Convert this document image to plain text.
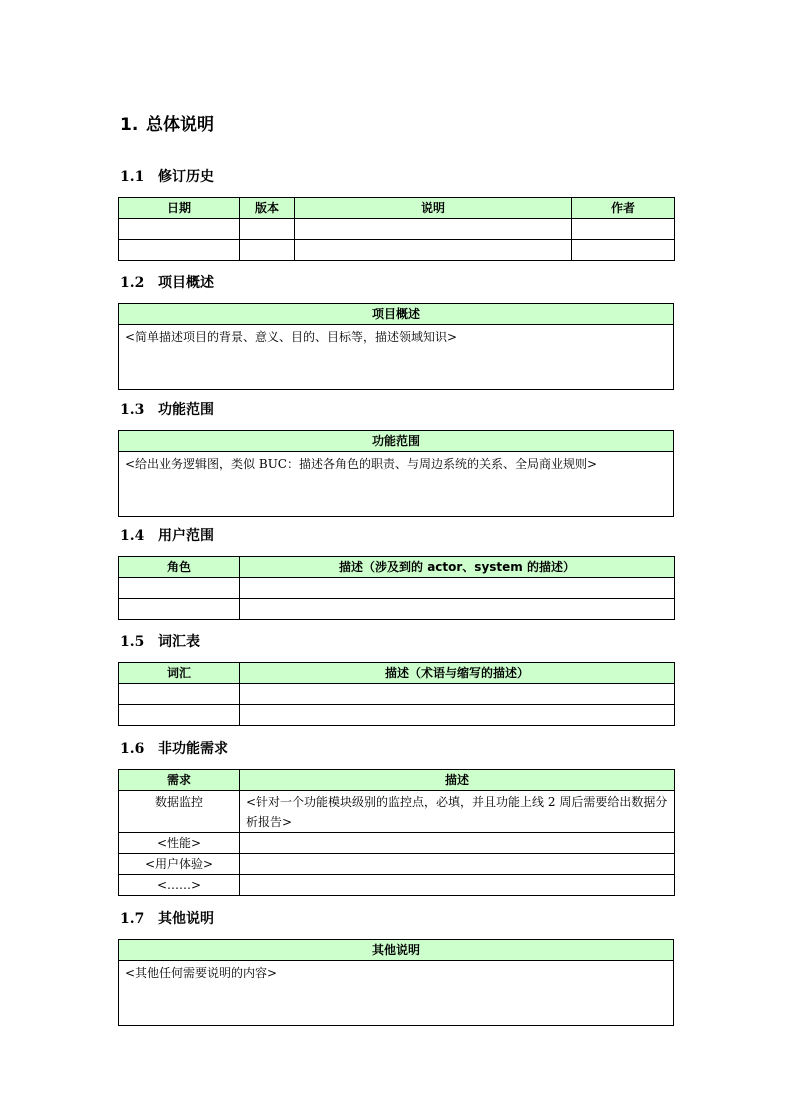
1. 总体说明
1.1 修订历史
日期	版本	说明	作者

1.2 项目概述
项目概述
<简单描述项目的背景、意义、目的、目标等，描述领域知识>
1.3 功能范围
功能范围
<给出业务逻辑图，类似 BUC：描述各角色的职责、与周边系统的关系、全局商业规则>
1.4 用户范围
角色	描述（涉及到的 actor、system 的描述）

1.5 词汇表
词汇	描述（术语与缩写的描述）

1.6 非功能需求
需求	描述
数据监控	<针对一个功能模块级别的监控点，必填，并且功能上线 2 周后需要给出数据分析报告>
<性能>	
<用户体验>	
<……>	
1.7 其他说明
其他说明
<其他任何需要说明的内容>
